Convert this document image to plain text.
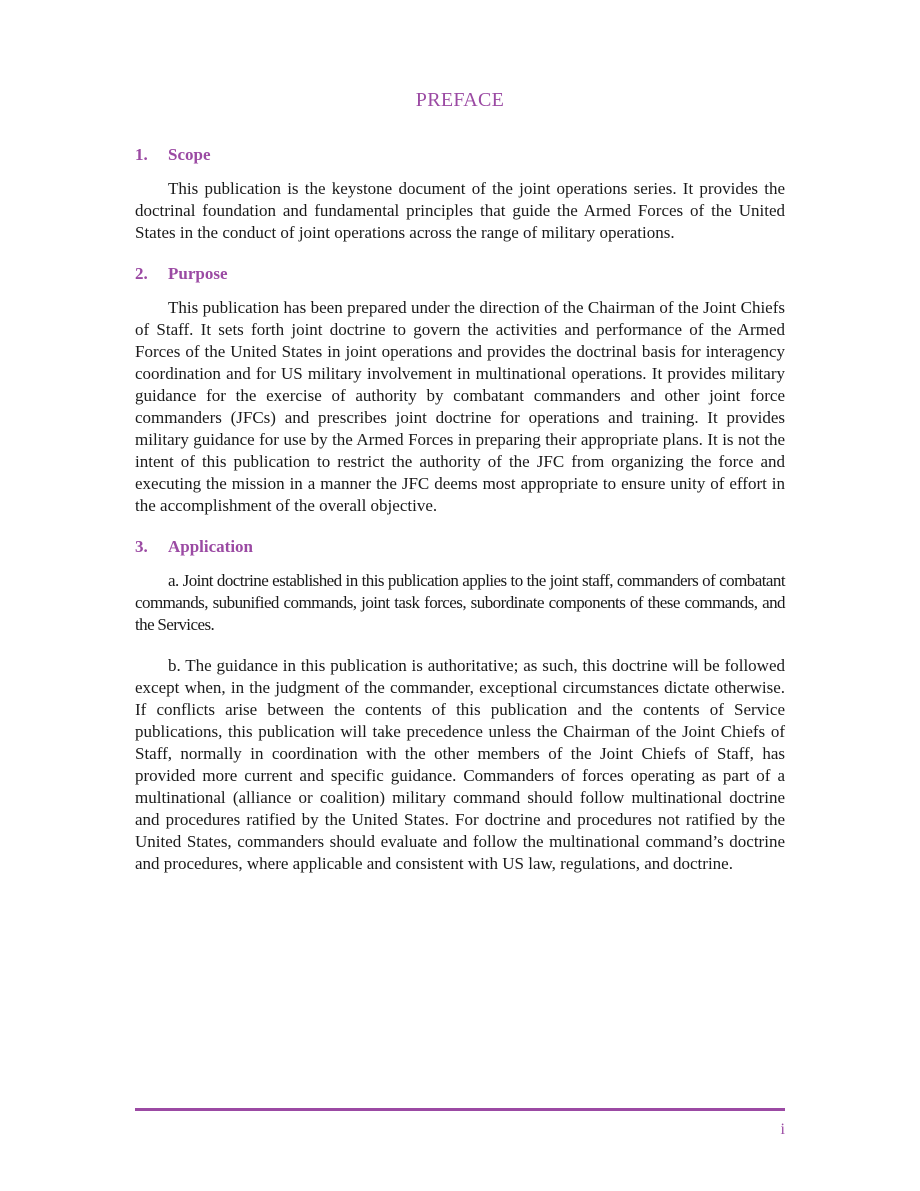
PREFACE
1.	Scope

This publication is the keystone document of the joint operations series. It provides the doctrinal foundation and fundamental principles that guide the Armed Forces of the United States in the conduct of joint operations across the range of military operations.

2.	Purpose

This publication has been prepared under the direction of the Chairman of the Joint Chiefs of Staff. It sets forth joint doctrine to govern the activities and performance of the Armed Forces of the United States in joint operations and provides the doctrinal basis for interagency coordination and for US military involvement in multinational operations. It provides military guidance for the exercise of authority by combatant commanders and other joint force commanders (JFCs) and prescribes joint doctrine for operations and training. It provides military guidance for use by the Armed Forces in preparing their appropriate plans. It is not the intent of this publication to restrict the authority of the JFC from organizing the force and executing the mission in a manner the JFC deems most appropriate to ensure unity of effort in the accomplishment of the overall objective.

3.	Application

a. Joint doctrine established in this publication applies to the joint staff, commanders of combatant commands, subunified commands, joint task forces, subordinate components of these commands, and the Services.

b. The guidance in this publication is authoritative; as such, this doctrine will be followed except when, in the judgment of the commander, exceptional circumstances dictate otherwise. If conflicts arise between the contents of this publication and the contents of Service publications, this publication will take precedence unless the Chairman of the Joint Chiefs of Staff, normally in coordination with the other members of the Joint Chiefs of Staff, has provided more current and specific guidance. Commanders of forces operating as part of a multinational (alliance or coalition) military command should follow multinational doctrine and procedures ratified by the United States. For doctrine and procedures not ratified by the United States, commanders should evaluate and follow the multinational command’s doctrine and procedures, where applicable and consistent with US law, regulations, and doctrine.

i
